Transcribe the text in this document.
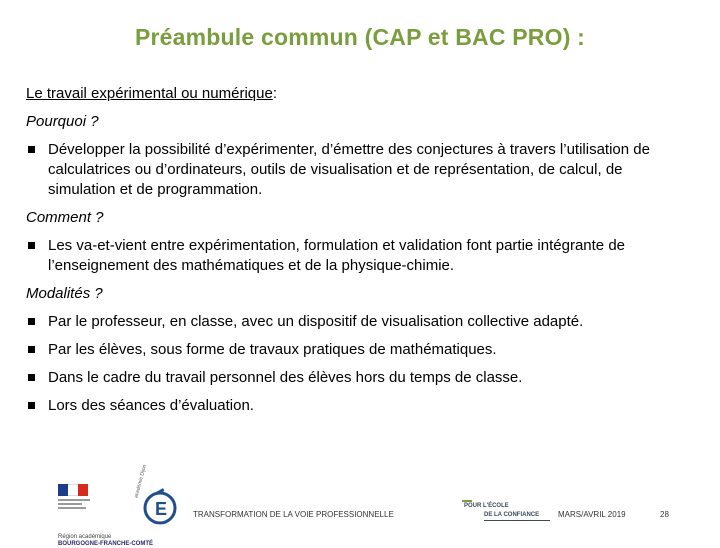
Préambule commun (CAP et BAC PRO) :
Le travail expérimental ou numérique:
Pourquoi ?
Développer la possibilité d’expérimenter, d’émettre des conjectures à travers l’utilisation de calculatrices ou d’ordinateurs, outils de visualisation et de représentation, de calcul, de simulation et de programmation.
Comment ?
Les va-et-vient entre expérimentation, formulation et validation font partie intégrante de l’enseignement des mathématiques et de la physique-chimie.
Modalités ?
Par le professeur, en classe, avec un dispositif de visualisation collective adapté.
Par les élèves, sous forme de travaux pratiques de mathématiques.
Dans le cadre du travail personnel des élèves hors du temps de classe.
Lors des séances d’évaluation.
Région académique
BOURGOGNE-FRANCHE-COMTÉ
E
académie Dijon
TRANSFORMATION DE LA VOIE PROFESSIONNELLE
POUR L'ÉCOLE
DE LA CONFIANCE MARS/AVRIL 2019	28
